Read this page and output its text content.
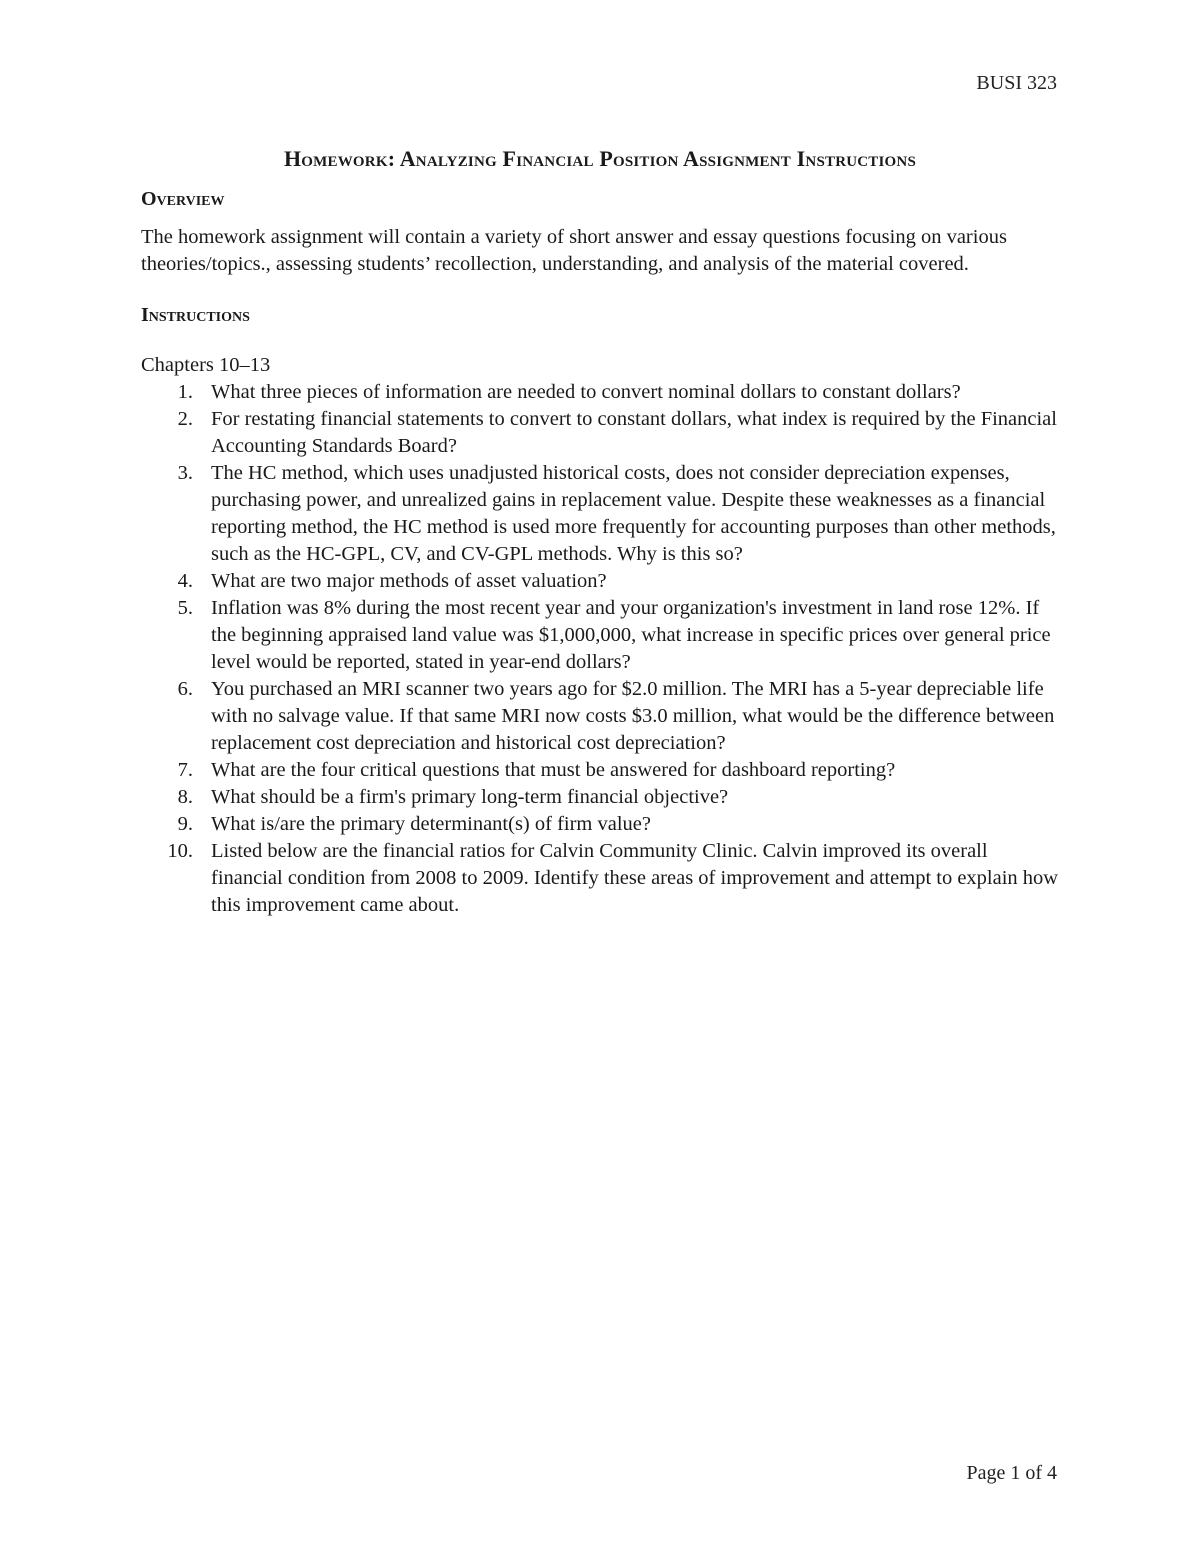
BUSI 323
Homework: Analyzing Financial Position Assignment Instructions
Overview

The homework assignment will contain a variety of short answer and essay questions focusing on various theories/topics., assessing students’ recollection, understanding, and analysis of the material covered.

Instructions

Chapters 10–13

1. What three pieces of information are needed to convert nominal dollars to constant dollars?
2. For restating financial statements to convert to constant dollars, what index is required by the Financial Accounting Standards Board?
3. The HC method, which uses unadjusted historical costs, does not consider depreciation expenses, purchasing power, and unrealized gains in replacement value. Despite these weaknesses as a financial reporting method, the HC method is used more frequently for accounting purposes than other methods, such as the HC-GPL, CV, and CV-GPL methods. Why is this so?
4. What are two major methods of asset valuation?
5. Inflation was 8% during the most recent year and your organization's investment in land rose 12%. If the beginning appraised land value was $1,000,000, what increase in specific prices over general price level would be reported, stated in year-end dollars?
6. You purchased an MRI scanner two years ago for $2.0 million. The MRI has a 5-year depreciable life with no salvage value. If that same MRI now costs $3.0 million, what would be the difference between replacement cost depreciation and historical cost depreciation?
7. What are the four critical questions that must be answered for dashboard reporting?
8. What should be a firm's primary long-term financial objective?
9. What is/are the primary determinant(s) of firm value?
10. Listed below are the financial ratios for Calvin Community Clinic. Calvin improved its overall financial condition from 2008 to 2009. Identify these areas of improvement and attempt to explain how this improvement came about.
Page 1 of 4
